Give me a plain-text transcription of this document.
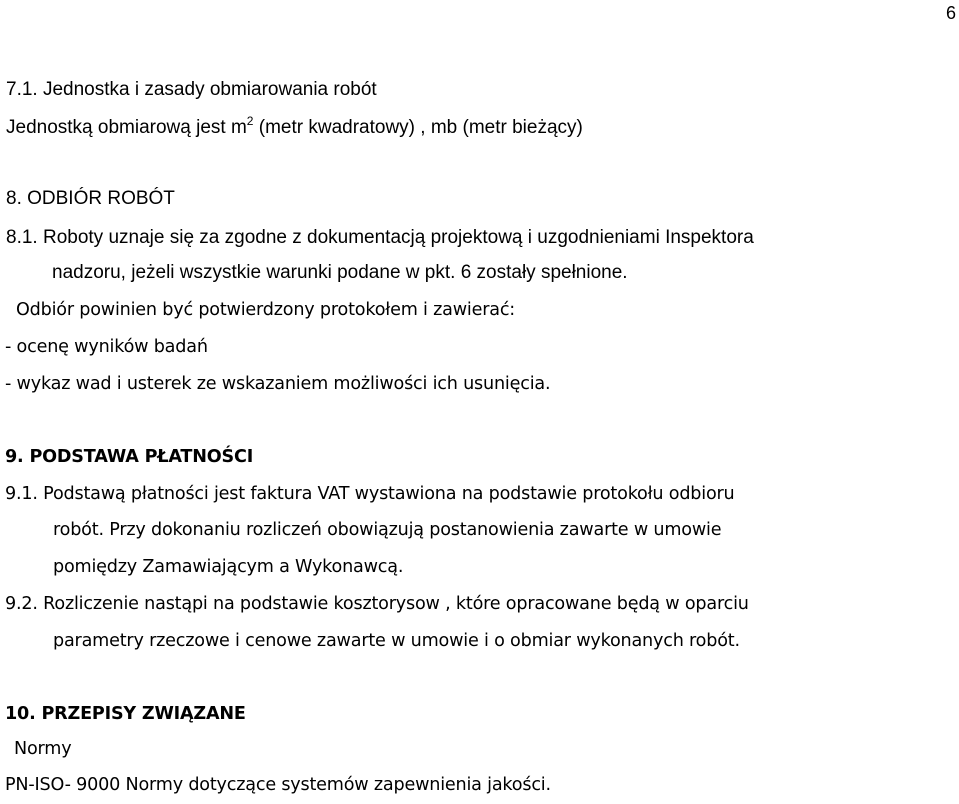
6
7.1. Jednostka i zasady obmiarowania robót
Jednostką obmiarową jest $m^2$ (metr kwadratowy) , mb (metr bieżący)
8. ODBIÓR ROBÓT
8.1. Roboty uznaje się za zgodne z dokumentacją projektową i uzgodnieniami Inspektora
nadzoru, jeżeli wszystkie warunki podane w pkt. 6 zostały spełnione.
Odbiór powinien być potwierdzony protokołem i zawierać:
- ocenę wyników badań
- wykaz wad i usterek ze wskazaniem możliwości ich usunięcia.
9. PODSTAWA PŁATNOŚCI
9.1. Podstawą płatności jest faktura VAT wystawiona na podstawie protokołu odbioru
robót. Przy dokonaniu rozliczeń obowiązują postanowienia zawarte w umowie
pomiędzy Zamawiającym a Wykonawcą.
9.2. Rozliczenie nastąpi na podstawie kosztorysow , które opracowane będą w oparciu
parametry rzeczowe i cenowe zawarte w umowie i o obmiar wykonanych robót.
10. PRZEPISY ZWIĄZANE
Normy
PN-ISO- 9000 Normy dotyczące systemów zapewnienia jakości.
